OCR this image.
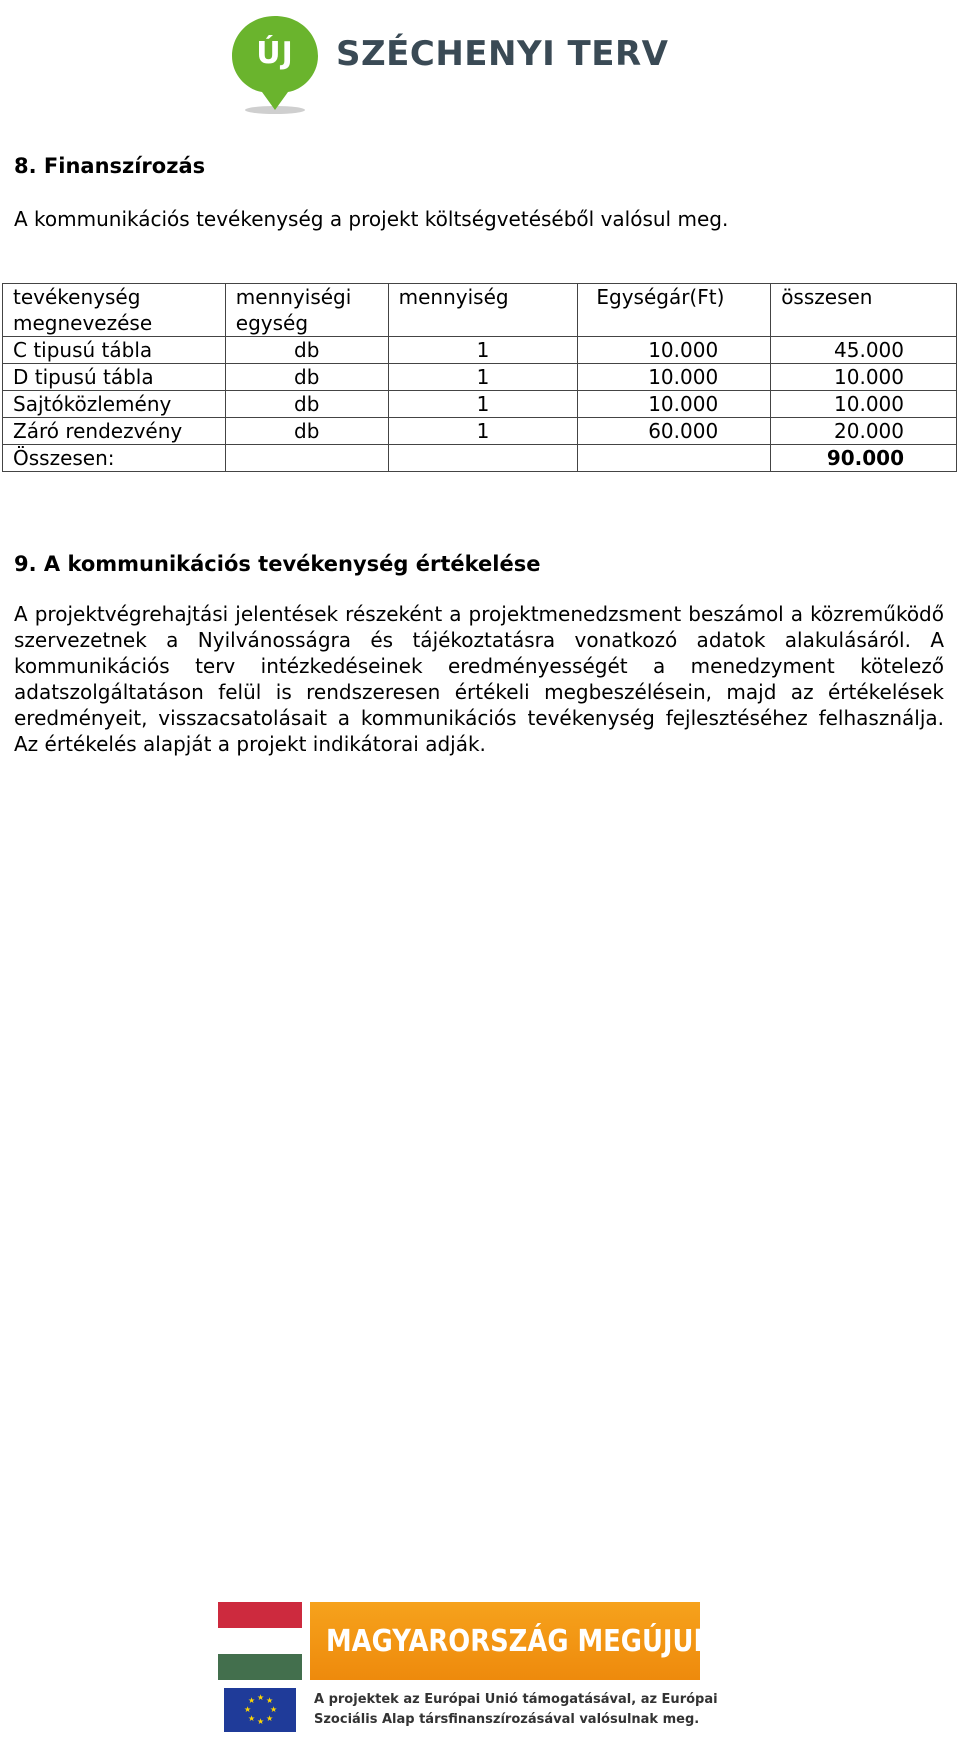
ÚJ	SZÉCHENYI TERV
8. Finanszírozás
A kommunikációs tevékenység a projekt költségvetéséből valósul meg.
tevékenység megnevezése	mennyiségi egység	mennyiség	Egységár(Ft)	összesen
C tipusú tábla	db	1	10.000	45.000
D tipusú tábla	db	1	10.000	10.000
Sajtóközlemény	db	1	10.000	10.000
Záró rendezvény	db	1	60.000	20.000
Összesen:				90.000
9. A kommunikációs tevékenység értékelése
A projektvégrehajtási jelentések részeként a projektmenedzsment beszámol a közreműködő szervezetnek a Nyilvánosságra és tájékoztatásra vonatkozó adatok alakulásáról. A kommunikációs terv intézkedéseinek eredményességét a menedzyment kötelező adatszolgáltatáson felül is rendszeresen értékeli megbeszélésein, majd az értékelések eredményeit, visszacsatolásait a kommunikációs tevékenység fejlesztéséhez felhasználja. Az értékelés alapját a projekt indikátorai adják.
MAGYARORSZÁG MEGÚJUL
★ ★
★
★
★
★
★
★	A projektek az Európai Unió támogatásával, az Európai
Szociális Alap társfinanszírozásával valósulnak meg.
